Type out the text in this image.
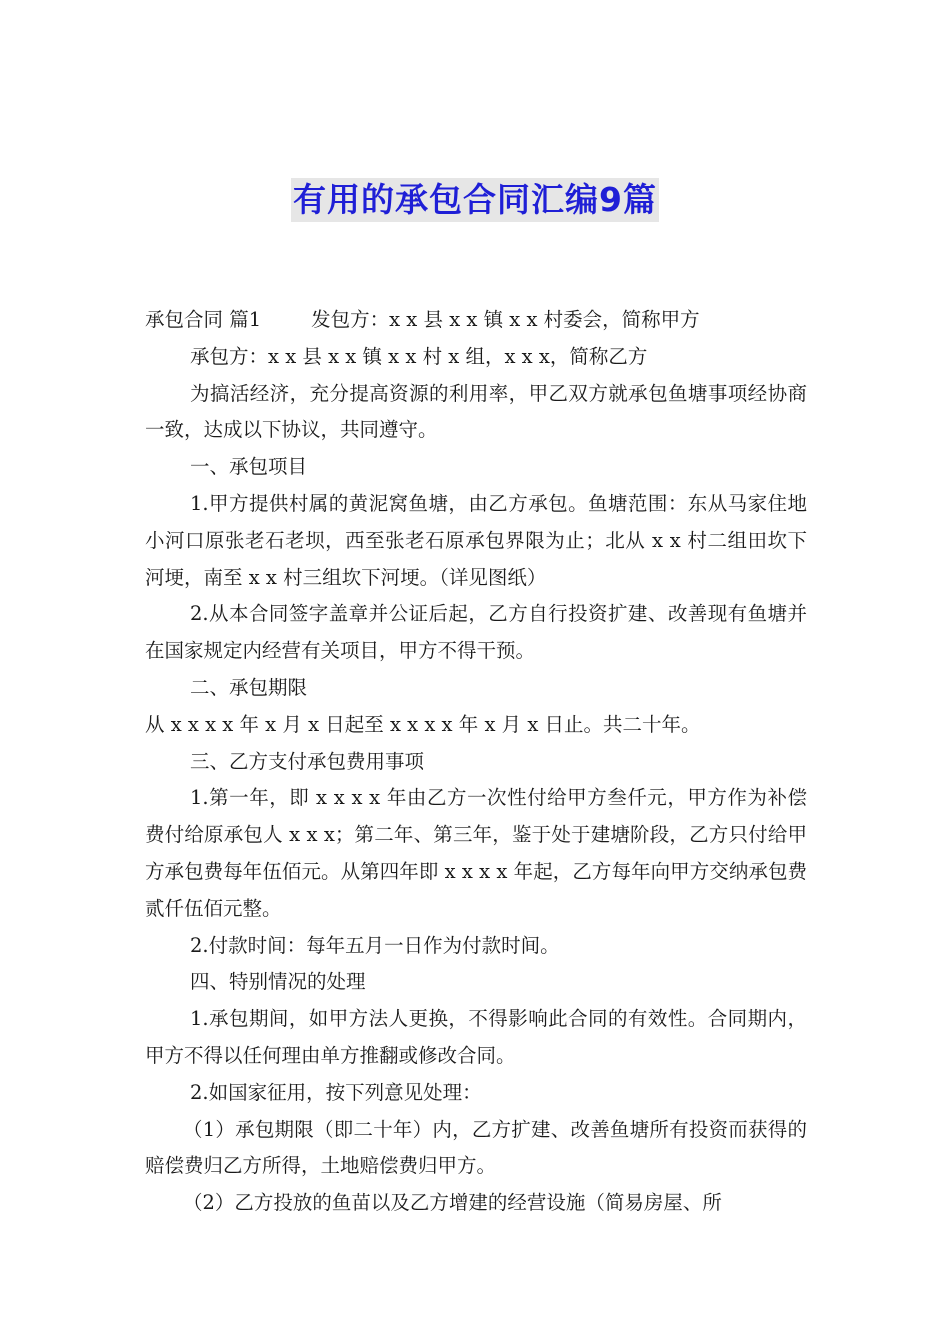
有用的承包合同汇编9篇

承包合同 篇1	发包方：x x 县 x x 镇 x x 村委会，简称甲方

承包方：x x 县 x x 镇 x x 村 x 组，x x x，简称乙方

为搞活经济，充分提高资源的利用率，甲乙双方就承包鱼塘事项经协商一致，达成以下协议，共同遵守。

一、承包项目

1.甲方提供村属的黄泥窝鱼塘，由乙方承包。鱼塘范围：东从马家住地小河口原张老石老坝，西至张老石原承包界限为止；北从 x x 村二组田坎下河埂，南至 x x 村三组坎下河埂。（详见图纸）

2.从本合同签字盖章并公证后起，乙方自行投资扩建、改善现有鱼塘并在国家规定内经营有关项目，甲方不得干预。

二、承包期限

从 x x x x 年 x 月 x 日起至 x x x x 年 x 月 x 日止。共二十年。

三、乙方支付承包费用事项

1.第一年，即 x x x x 年由乙方一次性付给甲方叁仟元，甲方作为补偿费付给原承包人 x x x；第二年、第三年，鉴于处于建塘阶段，乙方只付给甲方承包费每年伍佰元。从第四年即 x x x x 年起，乙方每年向甲方交纳承包费贰仟伍佰元整。

2.付款时间：每年五月一日作为付款时间。

四、特别情况的处理

1.承包期间，如甲方法人更换，不得影响此合同的有效性。合同期内，甲方不得以任何理由单方推翻或修改合同。

2.如国家征用，按下列意见处理：

（1）承包期限（即二十年）内，乙方扩建、改善鱼塘所有投资而获得的赔偿费归乙方所得，土地赔偿费归甲方。

（2）乙方投放的鱼苗以及乙方增建的经营设施（简易房屋、所
